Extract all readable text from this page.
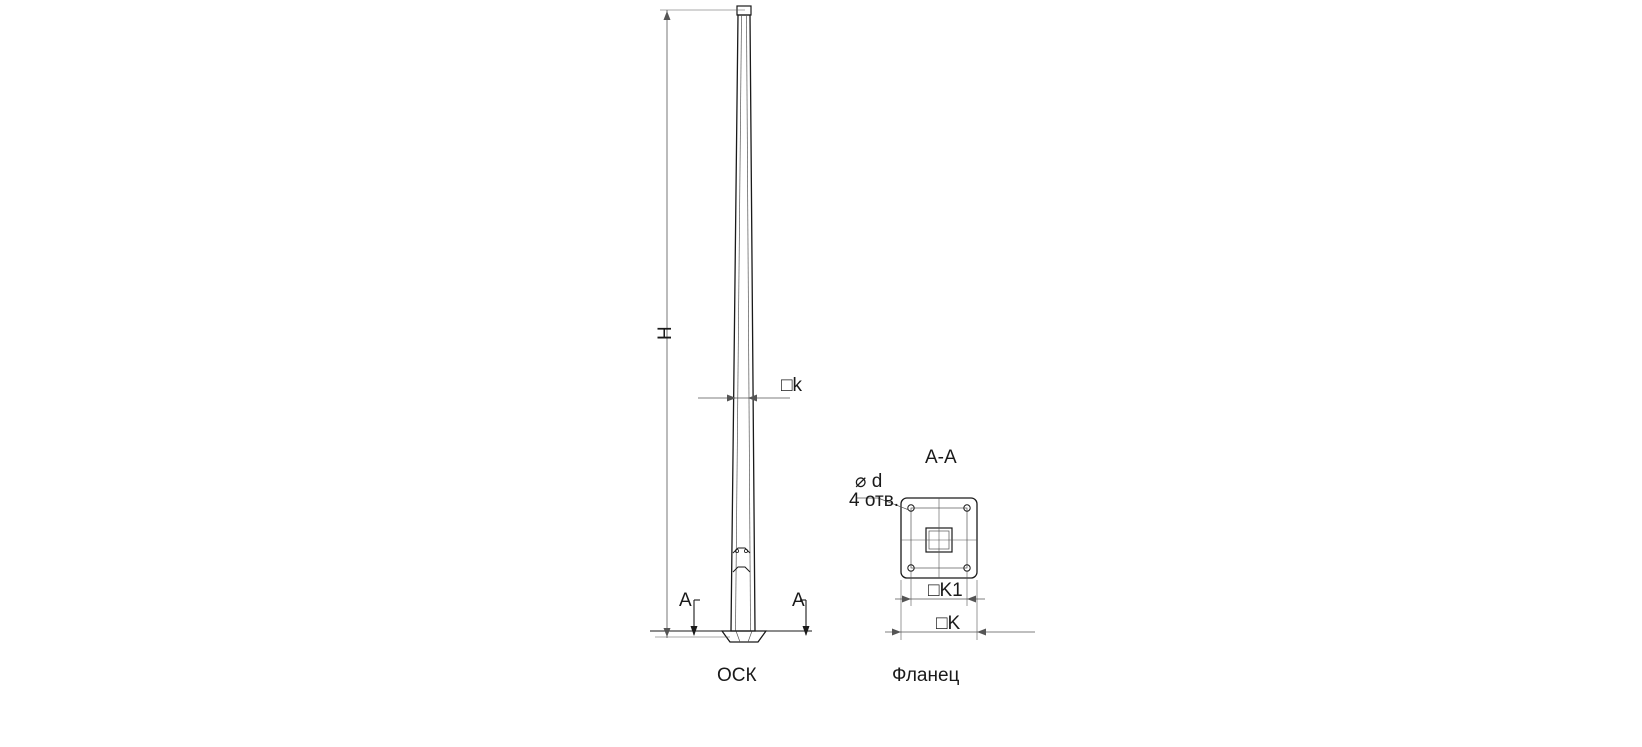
H
□k
А	А
ОСК
А-А
⌀ d
4 отв.
□K1
□K
Фланец
